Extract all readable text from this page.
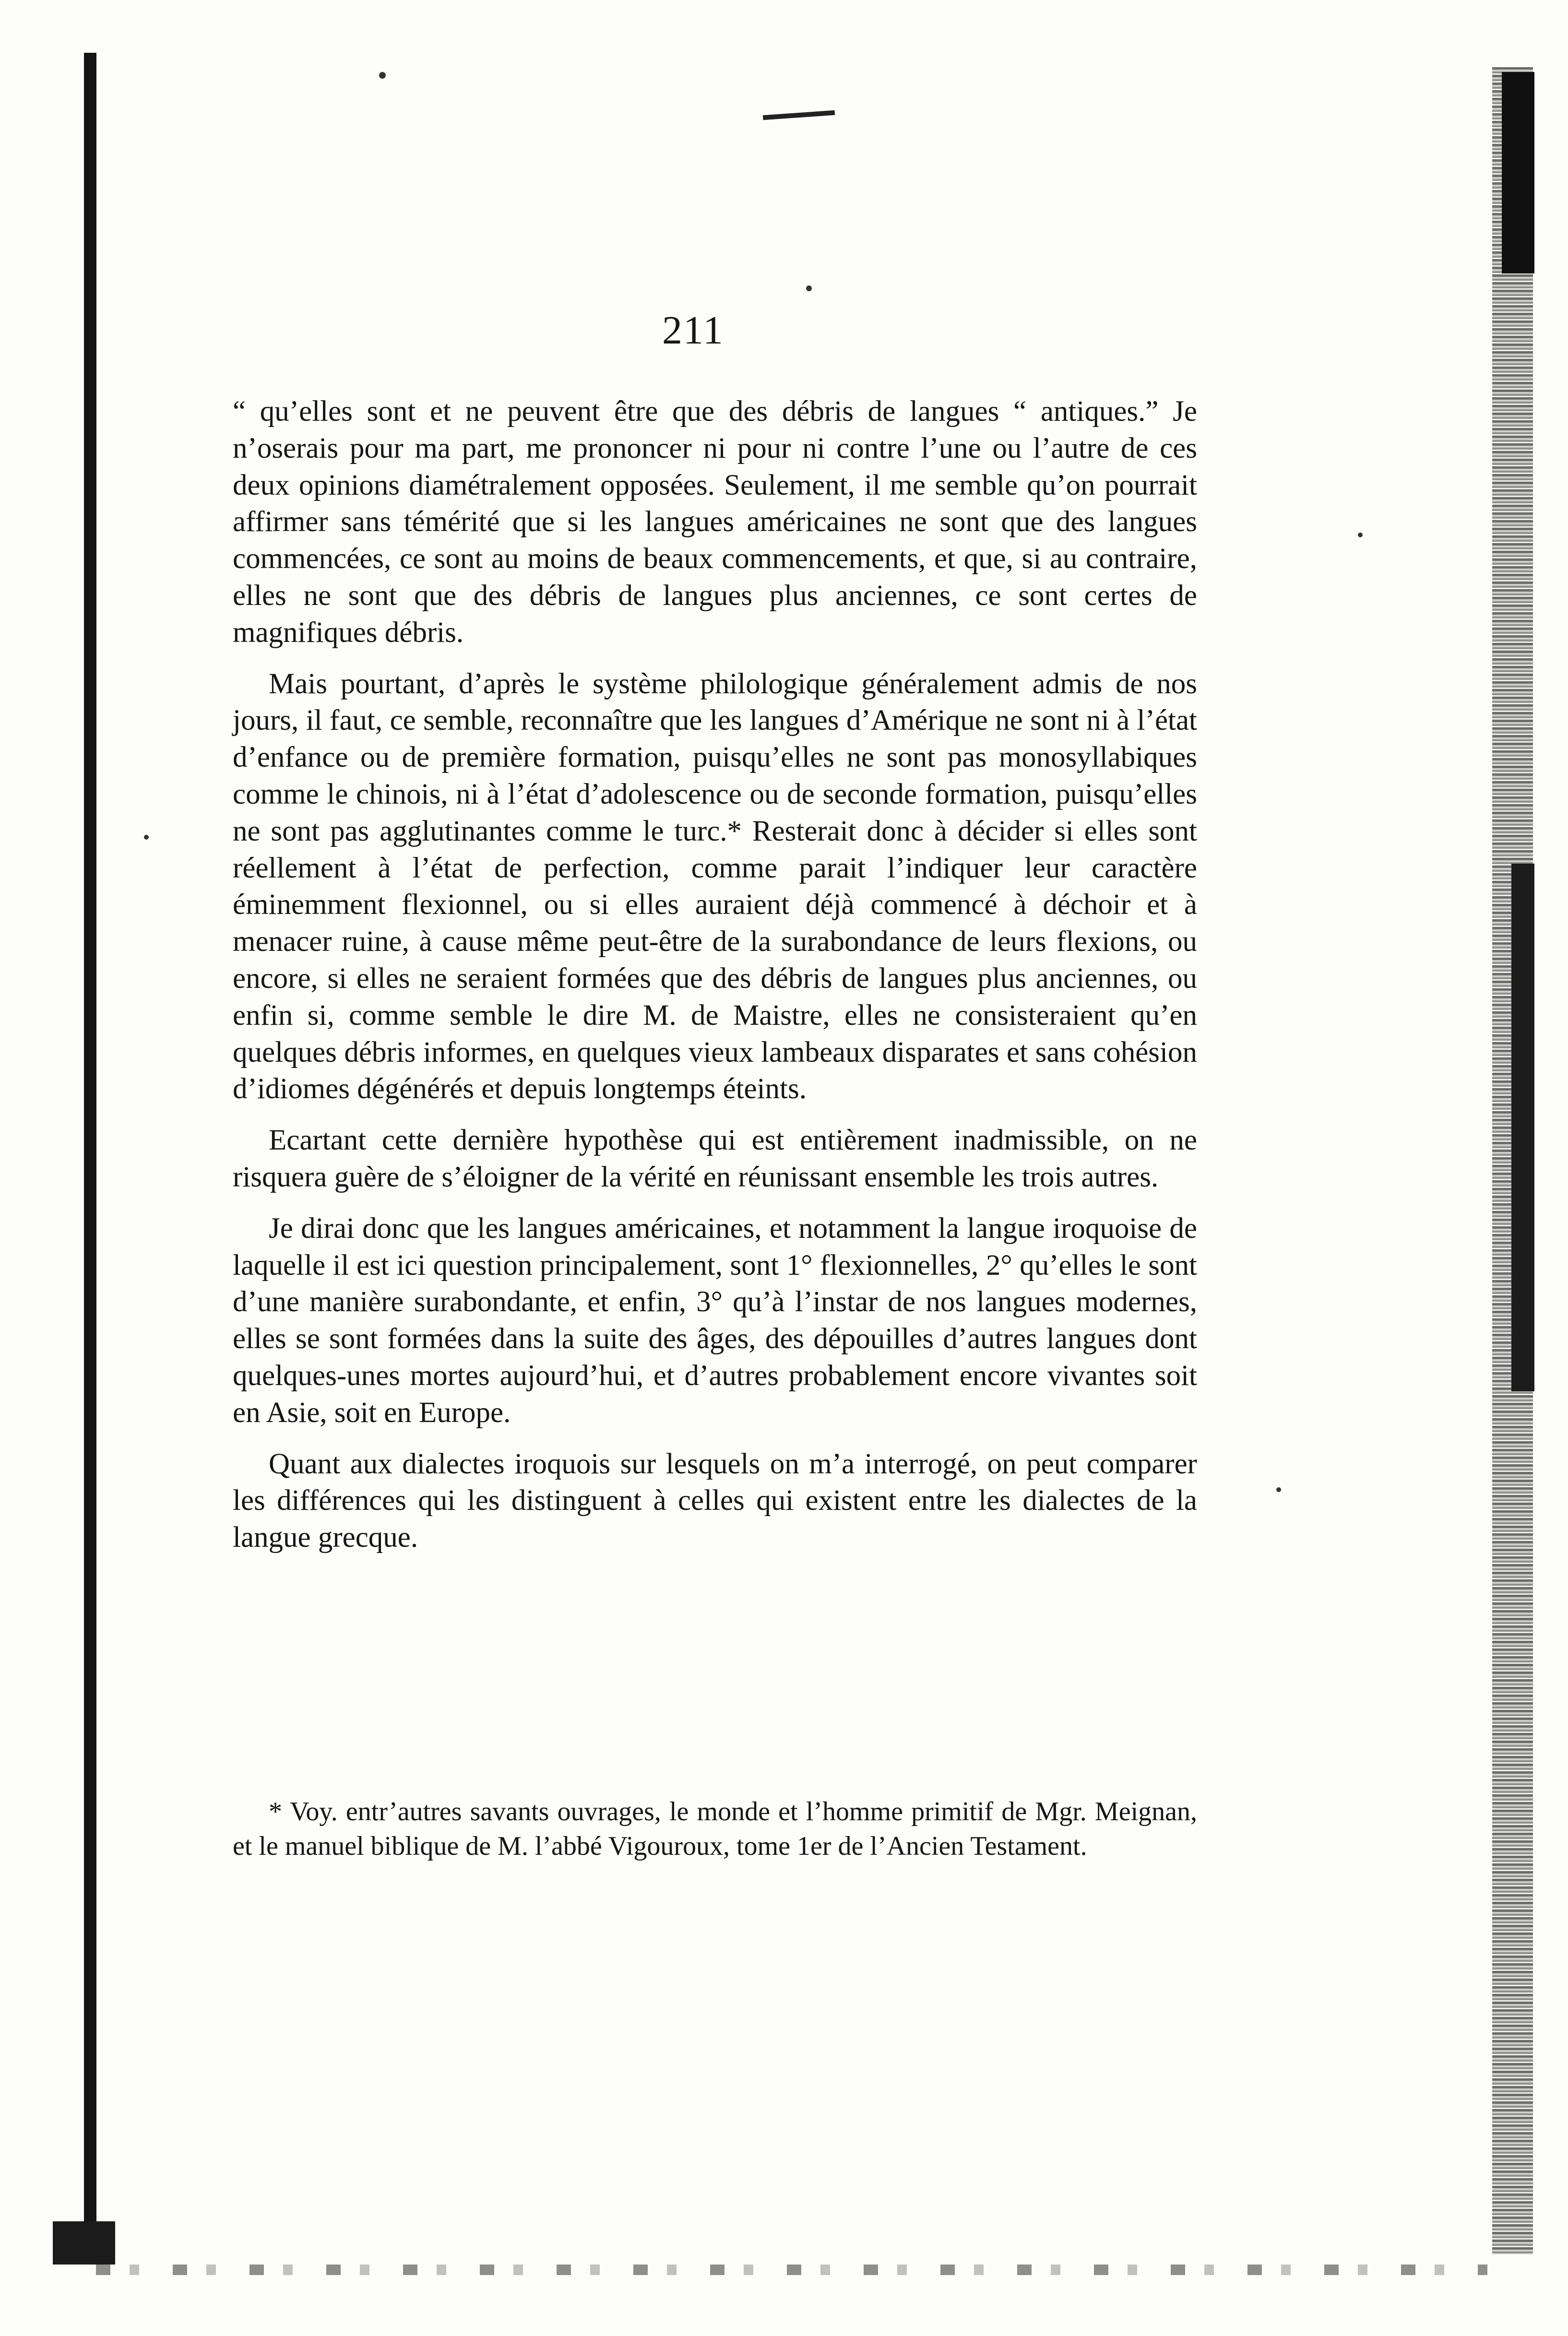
211

“ qu’elles sont et ne peuvent être que des débris de langues “ antiques.” Je n’oserais pour ma part, me prononcer ni pour ni contre l’une ou l’autre de ces deux opinions diamétralement opposées. Seulement, il me semble qu’on pourrait affirmer sans témérité que si les langues américaines ne sont que des langues commencées, ce sont au moins de beaux commencements, et que, si au contraire, elles ne sont que des débris de langues plus anciennes, ce sont certes de magnifiques débris.

Mais pourtant, d’après le système philologique généralement admis de nos jours, il faut, ce semble, reconnaître que les langues d’Amérique ne sont ni à l’état d’enfance ou de première formation, puisqu’elles ne sont pas monosyllabiques comme le chinois, ni à l’état d’adolescence ou de seconde formation, puisqu’elles ne sont pas agglutinantes comme le turc.* Resterait donc à décider si elles sont réellement à l’état de perfection, comme parait l’indiquer leur caractère éminemment flexionnel, ou si elles auraient déjà commencé à déchoir et à menacer ruine, à cause même peut-être de la surabondance de leurs flexions, ou encore, si elles ne seraient formées que des débris de langues plus anciennes, ou enfin si, comme semble le dire M. de Maistre, elles ne consisteraient qu’en quelques débris informes, en quelques vieux lambeaux disparates et sans cohésion d’idiomes dégénérés et depuis longtemps éteints.

Ecartant cette dernière hypothèse qui est entièrement inadmissible, on ne risquera guère de s’éloigner de la vérité en réunissant ensemble les trois autres.

Je dirai donc que les langues américaines, et notamment la langue iroquoise de laquelle il est ici question principalement, sont 1° flexionnelles, 2° qu’elles le sont d’une manière surabondante, et enfin, 3° qu’à l’instar de nos langues modernes, elles se sont formées dans la suite des âges, des dépouilles d’autres langues dont quelques-unes mortes aujourd’hui, et d’autres probablement encore vivantes soit en Asie, soit en Europe.

Quant aux dialectes iroquois sur lesquels on m’a interrogé, on peut comparer les différences qui les distinguent à celles qui existent entre les dialectes de la langue grecque.

* Voy. entr’autres savants ouvrages, le monde et l’homme primitif de Mgr. Meignan, et le manuel biblique de M. l’abbé Vigouroux, tome 1er de l’Ancien Testament.
